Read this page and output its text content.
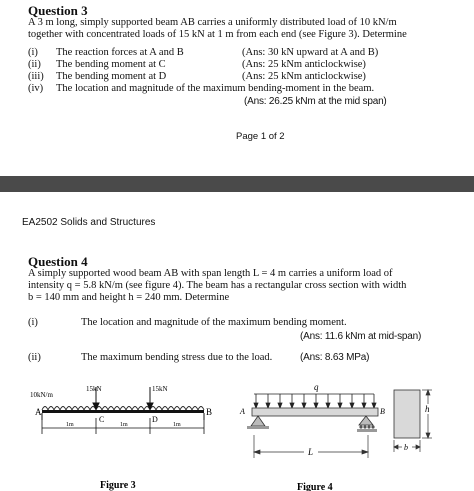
Question 3
A 3 m long, simply supported beam AB carries a uniformly distributed load of 10 kN/m
together with concentrated loads of 15 kN at 1 m from each end (see Figure 3). Determine
(i) The reaction forces at A and B	(Ans: 30 kN upward at A and B)
(ii) The bending moment at C	(Ans: 25 kNm anticlockwise)
(iii) The bending moment at D	(Ans: 25 kNm anticlockwise)
(iv) The location and magnitude of the maximum bending-moment in the beam.
(Ans: 26.25 kNm at the mid span)
Page 1 of 2
EA2502 Solids and Structures
Question 4
A simply supported wood beam AB with span length L = 4 m carries a uniform load of
intensity q = 5.8 kN/m (see figure 4). The beam has a rectangular cross section with width
b = 140 mm and height h = 240 mm. Determine
(i)	The location and magnitude of the maximum bending moment.
(Ans: 11.6 kNm at mid-span)
(ii)	The maximum bending stress due to the load.	(Ans: 8.63 MPa)
10kN/m
15kN	15kN
A	B
C	D
1m	1m	1m
Figure 3
q
A	B
L
h
b
Figure 4
